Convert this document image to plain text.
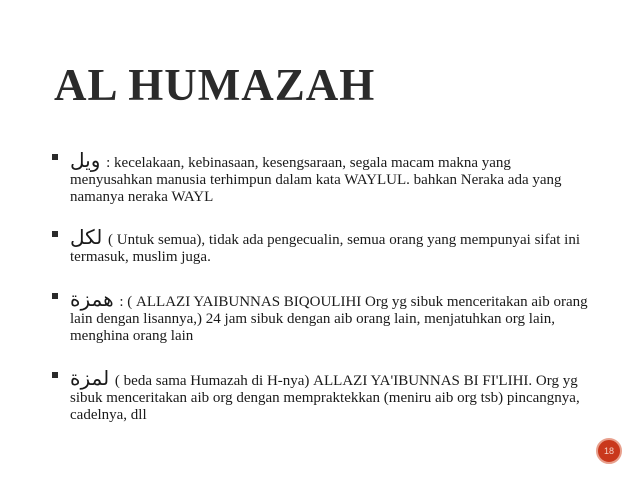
AL HUMAZAH
ويل : kecelakaan, kebinasaan, kesengsaraan, segala macam makna yang menyusahkan manusia terhimpun dalam kata WAYLUL. bahkan Neraka ada yang namanya neraka WAYL
لكل ( Untuk semua), tidak ada pengecualin, semua orang yang mempunyai sifat ini termasuk, muslim juga.
همزة : ( ALLAZI YAIBUNNAS BIQOULIHI Org yg sibuk menceritakan aib orang lain dengan lisannya,) 24 jam sibuk dengan aib orang lain, menjatuhkan org lain, menghina orang lain
لمزة ( beda sama Humazah di H-nya) ALLAZI YA'IBUNNAS BI FI'LIHI. Org yg sibuk menceritakan aib org dengan mempraktekkan (meniru aib org tsb) pincangnya, cadelnya, dll
18
